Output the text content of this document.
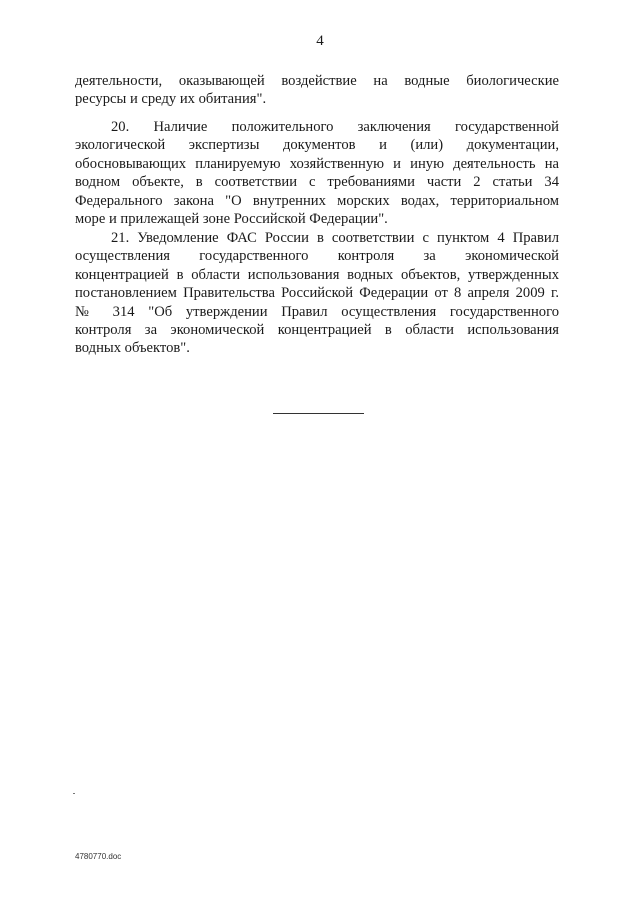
4
деятельности, оказывающей воздействие на водные биологические
ресурсы и среду их обитания".
20. Наличие положительного заключения государственной
экологической экспертизы документов и (или) документации,
обосновывающих планируемую хозяйственную и иную деятельность на
водном объекте, в соответствии с требованиями части 2 статьи 34
Федерального закона "О внутренних морских водах, территориальном
море и прилежащей зоне Российской Федерации".
21. Уведомление ФАС России в соответствии с пунктом 4 Правил
осуществления государственного контроля за экономической
концентрацией в области использования водных объектов, утвержденных
постановлением Правительства Российской Федерации от 8 апреля 2009 г.
№ 314 "Об утверждении Правил осуществления государственного
контроля за экономической концентрацией в области использования
водных объектов".
4780770.doc
